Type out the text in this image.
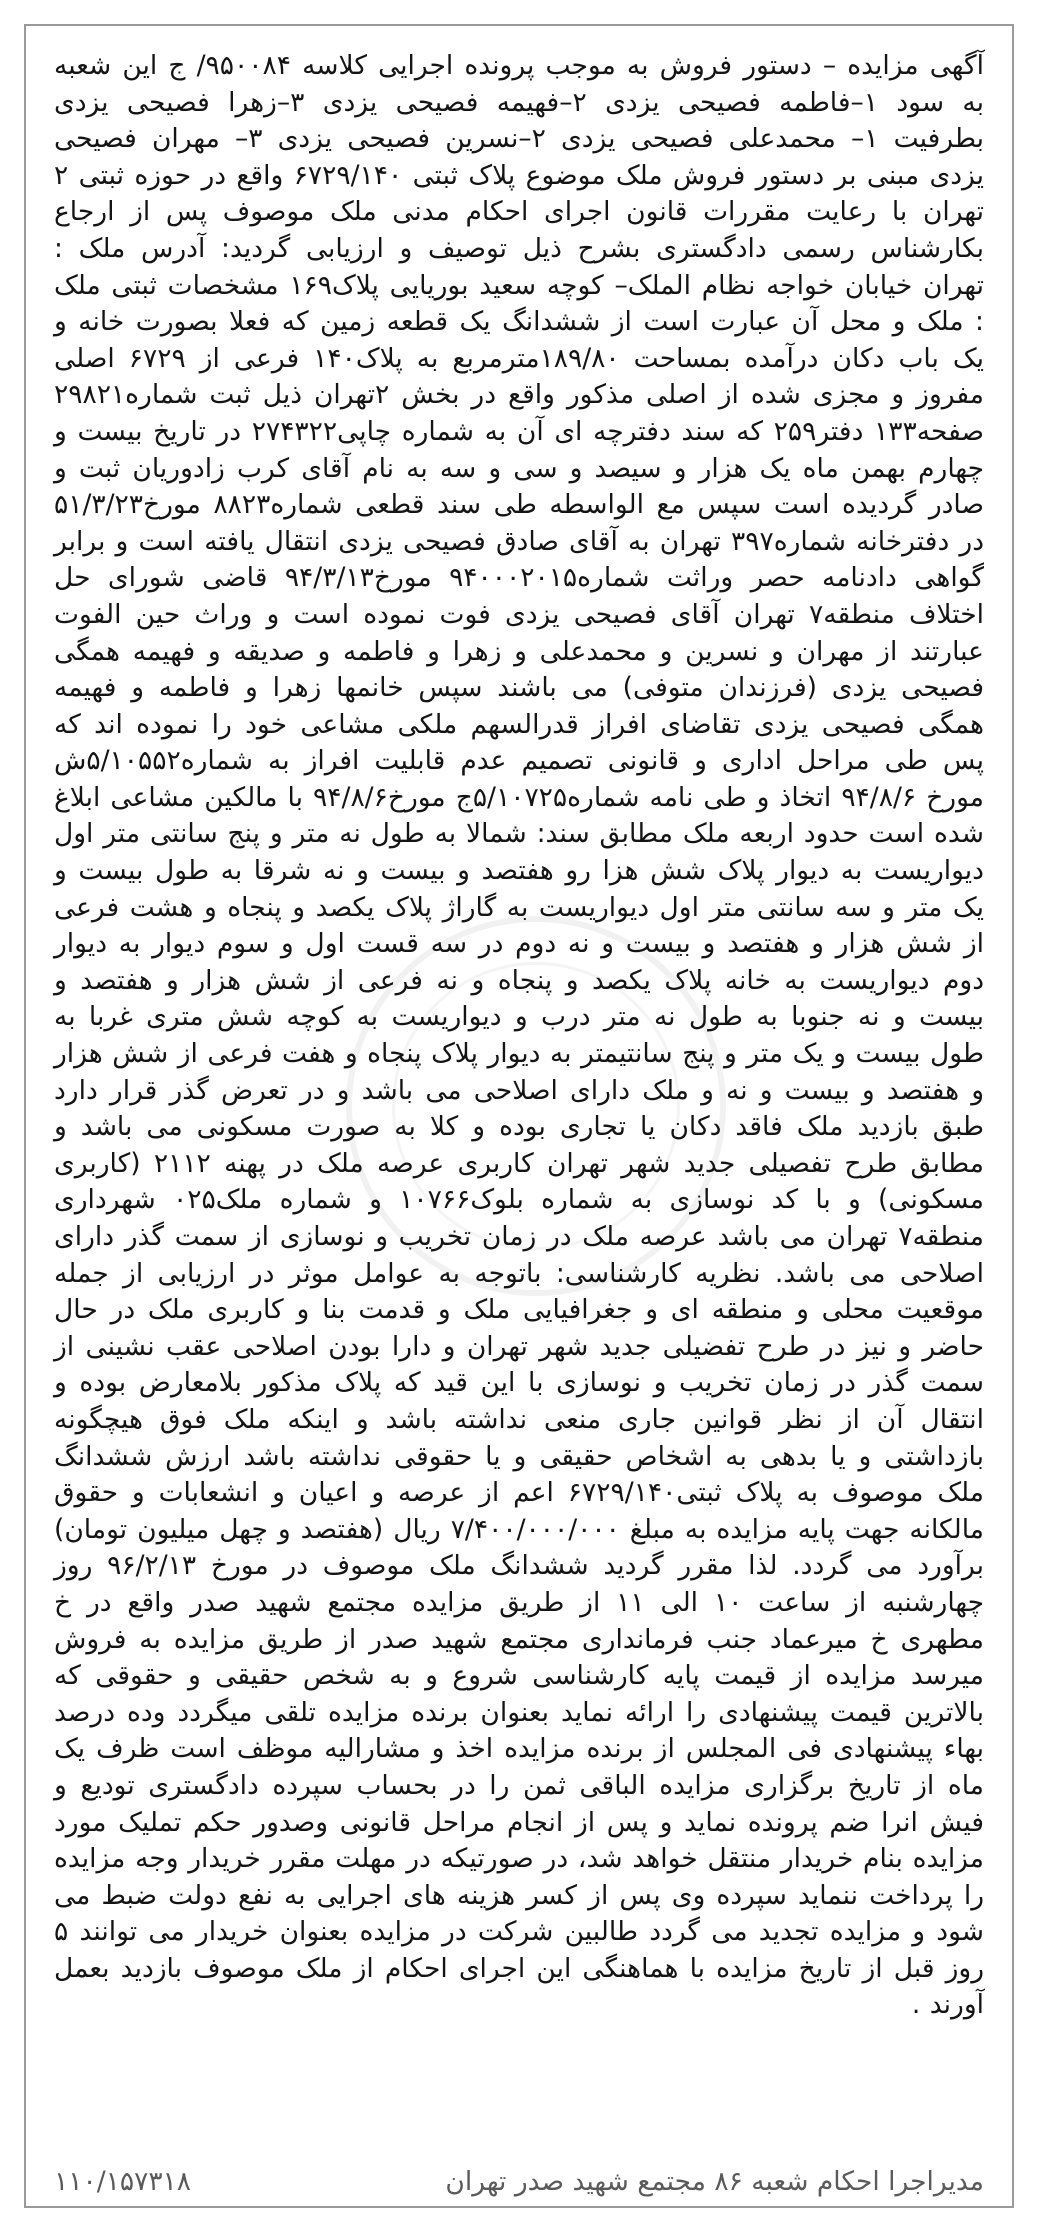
آگهی مزایده – دستور فروش به موجب پرونده اجرایی کلاسه ۹۵۰۰۸۴/ ج این شعبه به سود ۱–فاطمه فصیحی یزدی ۲–فهیمه فصیحی یزدی ۳–زهرا فصیحی یزدی بطرفیت ۱– محمدعلی فصیحی یزدی ۲–نسرین فصیحی یزدی ۳– مهران فصیحی یزدی مبنی بر دستور فروش ملک موضوع پلاک ثبتی ۶۷۲۹/۱۴۰ واقع در حوزه ثبتی ۲ تهران با رعایت مقررات قانون اجرای احکام مدنی ملک موصوف پس از ارجاع بکارشناس رسمی دادگستری بشرح ذیل توصیف و ارزیابی گردید: آدرس ملک : تهران خیابان خواجه نظام الملک– کوچه سعید بوریایی پلاک۱۶۹ مشخصات ثبتی ملک : ملک و محل آن عبارت است از ششدانگ یک قطعه زمین که فعلا بصورت خانه و یک باب دکان درآمده بمساحت ۱۸۹/۸۰مترمربع به پلاک۱۴۰ فرعی از ۶۷۲۹ اصلی مفروز و مجزی شده از اصلی مذکور واقع در بخش ۲تهران ذیل ثبت شماره۲۹۸۲۱ صفحه۱۳۳ دفتر۲۵۹ که سند دفترچه ای آن به شماره چاپی۲۷۴۳۲۲ در تاریخ بیست و چهارم بهمن ماه یک هزار و سیصد و سی و سه به نام آقای کرب زادوریان ثبت و صادر گردیده است سپس مع الواسطه طی سند قطعی شماره۸۸۲۳ مورخ۵۱/۳/۲۳ در دفترخانه شماره۳۹۷ تهران به آقای صادق فصیحی یزدی انتقال یافته است و برابر گواهی دادنامه حصر وراثت شماره۹۴۰۰۰۲۰۱۵ مورخ۹۴/۳/۱۳ قاضی شورای حل اختلاف منطقه۷ تهران آقای فصیحی یزدی فوت نموده است و وراث حین الفوت عبارتند از مهران و نسرین و محمدعلی و زهرا و فاطمه و صدیقه و فهیمه همگی فصیحی یزدی (فرزندان متوفی) می باشند سپس خانمها زهرا و فاطمه و فهیمه همگی فصیحی یزدی تقاضای افراز قدرالسهم ملکی مشاعی خود را نموده اند که پس طی مراحل اداری و قانونی تصمیم عدم قابلیت افراز به شماره۵/۱۰۵۵۲ش مورخ ۹۴/۸/۶ اتخاذ و طی نامه شماره۵/۱۰۷۲۵ج مورخ۹۴/۸/۶ با مالکین مشاعی ابلاغ شده است حدود اربعه ملک مطابق سند: شمالا به طول نه متر و پنج سانتی متر اول دیواریست به دیوار پلاک شش هزا رو هفتصد و بیست و نه شرقا به طول بیست و یک متر و سه سانتی متر اول دیواریست به گاراژ پلاک یکصد و پنجاه و هشت فرعی از شش هزار و هفتصد و بیست و نه دوم در سه قست اول و سوم دیوار به دیوار دوم دیواریست به خانه پلاک یکصد و پنجاه و نه فرعی از شش هزار و هفتصد و بیست و نه جنوبا به طول نه متر درب و دیواریست به کوچه شش متری غربا به طول بیست و یک متر و پنج سانتیمتر به دیوار پلاک پنجاه و هفت فرعی از شش هزار و هفتصد و بیست و نه و ملک دارای اصلاحی می باشد و در تعرض گذر قرار دارد طبق بازدید ملک فاقد دکان یا تجاری بوده و کلا به صورت مسکونی می باشد و مطابق طرح تفصیلی جدید شهر تهران کاربری عرصه ملک در پهنه ۲۱۱۲ (کاربری مسکونی) و با کد نوسازی به شماره بلوک۱۰۷۶۶ و شماره ملک۰۲۵ شهرداری منطقه۷ تهران می باشد عرصه ملک در زمان تخریب و نوسازی از سمت گذر دارای اصلاحی می باشد. نظریه کارشناسی: باتوجه به عوامل موثر در ارزیابی از جمله موقعیت محلی و منطقه ای و جغرافیایی ملک و قدمت بنا و کاربری ملک در حال حاضر و نیز در طرح تفضیلی جدید شهر تهران و دارا بودن اصلاحی عقب نشینی از سمت گذر در زمان تخریب و نوسازی با این قید که پلاک مذکور بلامعارض بوده و انتقال آن از نظر قوانین جاری منعی نداشته باشد و اینکه ملک فوق هیچگونه بازداشتی و یا بدهی به اشخاص حقیقی و یا حقوقی نداشته باشد ارزش ششدانگ ملک موصوف به پلاک ثبتی۶۷۲۹/۱۴۰ اعم از عرصه و اعیان و انشعابات و حقوق مالکانه جهت پایه مزایده به مبلغ ۷/۴۰۰/۰۰۰/۰۰۰ ریال (هفتصد و چهل میلیون تومان) برآورد می گردد. لذا مقرر گردید ششدانگ ملک موصوف در مورخ ۹۶/۲/۱۳ روز چهارشنبه از ساعت ۱۰ الی ۱۱ از طریق مزایده مجتمع شهید صدر واقع در خ مطهری خ میرعماد جنب فرمانداری مجتمع شهید صدر از طریق مزایده به فروش میرسد مزایده از قیمت پایه کارشناسی شروع و به شخص حقیقی و حقوقی که بالاترین قیمت پیشنهادی را ارائه نماید بعنوان برنده مزایده تلقی میگردد وده درصد بهاء پیشنهادی فی المجلس از برنده مزایده اخذ و مشارالیه موظف است ظرف یک ماه از تاریخ برگزاری مزایده الباقی ثمن را در بحساب سپرده دادگستری تودیع و فیش انرا ضم پرونده نماید و پس از انجام مراحل قانونی وصدور حکم تملیک مورد مزایده بنام خریدار منتقل خواهد شد، در صورتیکه در مهلت مقرر خریدار وجه مزایده را پرداخت ننماید سپرده وی پس از کسر هزینه های اجرایی به نفع دولت ضبط می شود و مزایده تجدید می گردد طالبین شرکت در مزایده بعنوان خریدار می توانند ۵ روز قبل از تاریخ مزایده با هماهنگی این اجرای احکام از ملک موصوف بازدید بعمل آورند .

مدیراجرا احکام شعبه ۸۶ مجتمع شهید صدر تهران
۱۱۰/۱۵۷۳۱۸
